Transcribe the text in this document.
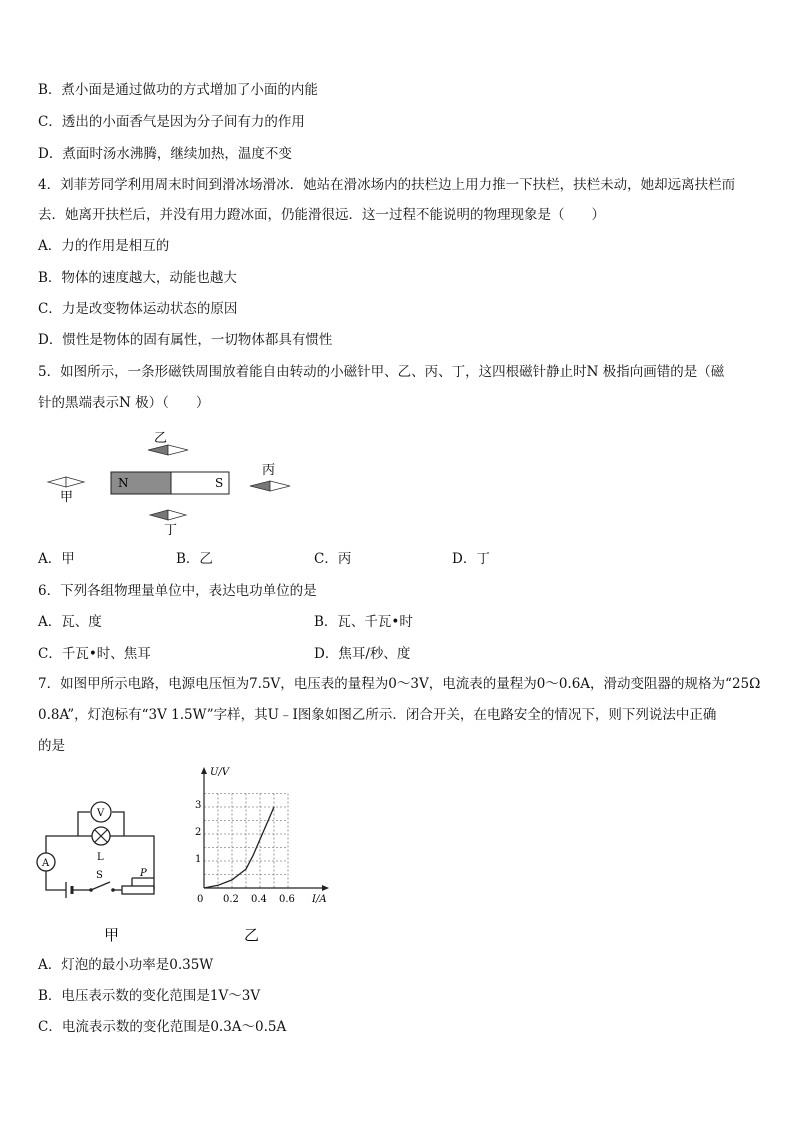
B．煮小面是通过做功的方式增加了小面的内能
C．透出的小面香气是因为分子间有力的作用
D．煮面时汤水沸腾，继续加热，温度不变
4．刘菲芳同学利用周末时间到滑冰场滑冰．她站在滑冰场内的扶栏边上用力推一下扶栏，扶栏未动，她却远离扶栏而
去．她离开扶栏后，并没有用力蹬冰面，仍能滑很远．这一过程不能说明的物理现象是（　　）
A．力的作用是相互的
B．物体的速度越大，动能也越大
C．力是改变物体运动状态的原因
D．惯性是物体的固有属性，一切物体都具有惯性
5．如图所示，一条形磁铁周围放着能自由转动的小磁针甲、乙、丙、丁，这四根磁针静止时N 极指向画错的是（磁
针的黑端表示N 极）（　　）
乙
N	S
甲
丙
丁
A．甲	B．乙	C．丙	D．丁
6．下列各组物理量单位中，表达电功单位的是
A．瓦、度	B．瓦、千瓦•时
C．千瓦•时、焦耳	D．焦耳/秒、度
7．如图甲所示电路，电源电压恒为7.5V，电压表的量程为0～3V，电流表的量程为0～0.6A，滑动变阻器的规格为“25Ω
0.8A”，灯泡标有“3V 1.5W”字样，其U﹣I图象如图乙所示．闭合开关，在电路安全的情况下，则下列说法中正确
的是
A
V
L
S	P
甲
U/V
I/A
1
2
3
0 0.2 0.4 0.6
乙
A．灯泡的最小功率是0.35W
B．电压表示数的变化范围是1V～3V
C．电流表示数的变化范围是0.3A～0.5A
